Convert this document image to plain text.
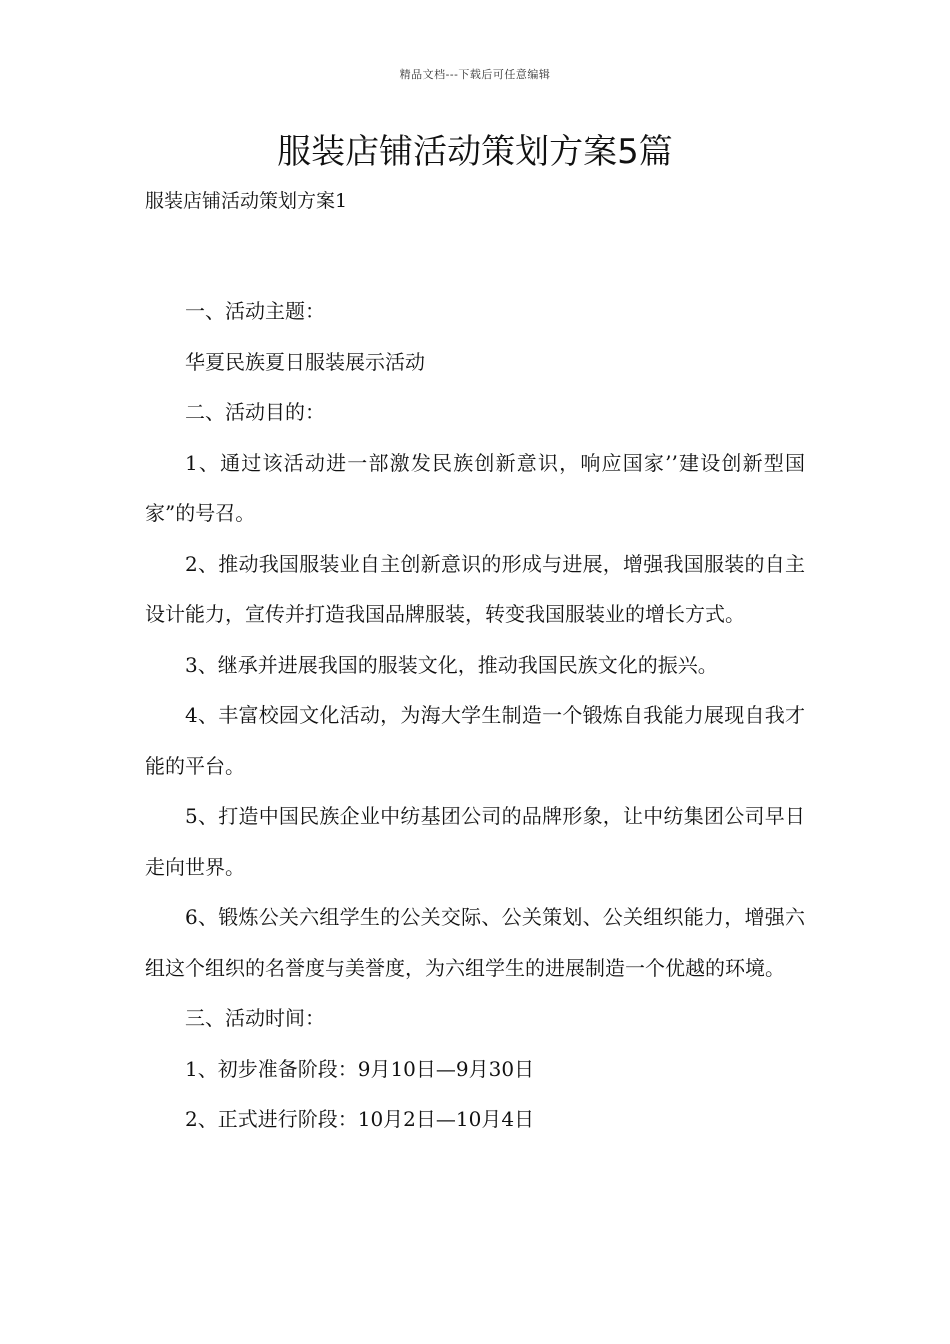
精品文档---下载后可任意编辑
服装店铺活动策划方案5篇

服装店铺活动策划方案1

一、活动主题：

华夏民族夏日服装展示活动

二、活动目的：

1、通过该活动进一部激发民族创新意识，响应国家’’建设创新型国家”的号召。

2、推动我国服装业自主创新意识的形成与进展，增强我国服装的自主设计能力，宣传并打造我国品牌服装，转变我国服装业的增长方式。

3、继承并进展我国的服装文化，推动我国民族文化的振兴。

4、丰富校园文化活动，为海大学生制造一个锻炼自我能力展现自我才能的平台。

5、打造中国民族企业中纺基团公司的品牌形象，让中纺集团公司早日走向世界。

6、锻炼公关六组学生的公关交际、公关策划、公关组织能力，增强六组这个组织的名誉度与美誉度，为六组学生的进展制造一个优越的环境。

三、活动时间：

1、初步准备阶段：9月10日—9月30日

2、正式进行阶段：10月2日—10月4日
